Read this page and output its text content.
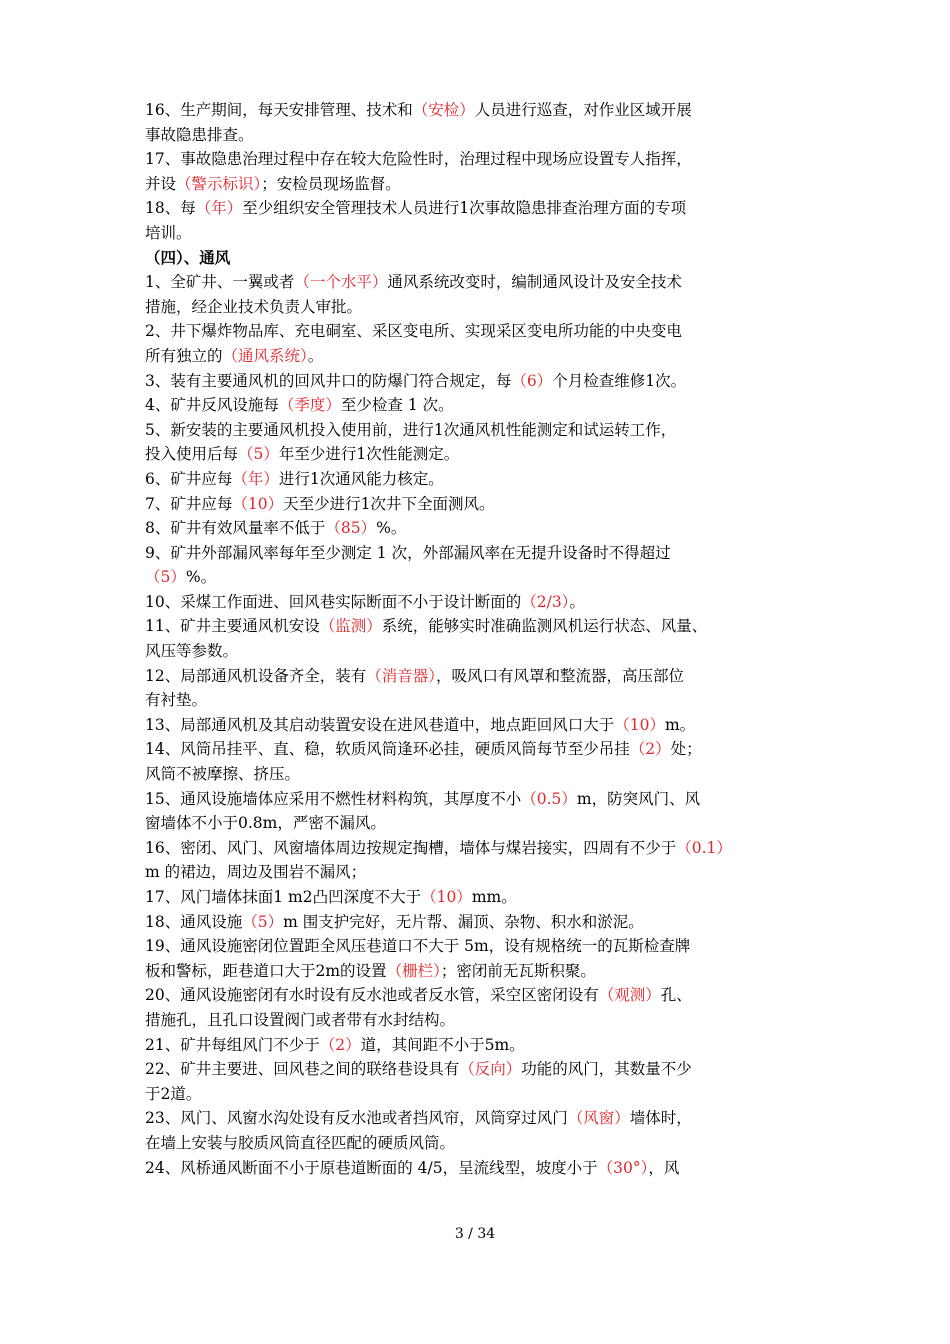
16、生产期间，每天安排管理、技术和（安检）人员进行巡查，对作业区域开展
事故隐患排查。
17、事故隐患治理过程中存在较大危险性时，治理过程中现场应设置专人指挥，
并设（警示标识）；安检员现场监督。
18、每（年）至少组织安全管理技术人员进行1次事故隐患排查治理方面的专项
培训。
（四）、通风
1、全矿井、一翼或者（一个水平）通风系统改变时，编制通风设计及安全技术
措施，经企业技术负责人审批。
2、井下爆炸物品库、充电硐室、采区变电所、实现采区变电所功能的中央变电
所有独立的（通风系统）。
3、装有主要通风机的回风井口的防爆门符合规定，每（6）个月检查维修1次。
4、矿井反风设施每（季度）至少检查 1 次。
5、新安装的主要通风机投入使用前，进行1次通风机性能测定和试运转工作，
投入使用后每（5）年至少进行1次性能测定。
6、矿井应每（年）进行1次通风能力核定。
7、矿井应每（10）天至少进行1次井下全面测风。
8、矿井有效风量率不低于（85）%。
9、矿井外部漏风率每年至少测定 1 次，外部漏风率在无提升设备时不得超过
（5）%。
10、采煤工作面进、回风巷实际断面不小于设计断面的（2/3）。
11、矿井主要通风机安设（监测）系统，能够实时准确监测风机运行状态、风量、
风压等参数。
12、局部通风机设备齐全，装有（消音器），吸风口有风罩和整流器，高压部位
有衬垫。
13、局部通风机及其启动装置安设在进风巷道中，地点距回风口大于（10）m。
14、风筒吊挂平、直、稳，软质风筒逢环必挂，硬质风筒每节至少吊挂（2）处；
风筒不被摩擦、挤压。
15、通风设施墙体应采用不燃性材料构筑，其厚度不小（0.5）m，防突风门、风
窗墙体不小于0.8m，严密不漏风。
16、密闭、风门、风窗墙体周边按规定掏槽，墙体与煤岩接实，四周有不少于（0.1）
m 的裙边，周边及围岩不漏风；
17、风门墙体抹面1 m2凸凹深度不大于（10）mm。
18、通风设施（5）m 围支护完好，无片帮、漏顶、杂物、积水和淤泥。
19、通风设施密闭位置距全风压巷道口不大于 5m，设有规格统一的瓦斯检查牌
板和警标，距巷道口大于2m的设置（栅栏）；密闭前无瓦斯积聚。
20、通风设施密闭有水时设有反水池或者反水管，采空区密闭设有（观测）孔、
措施孔，且孔口设置阀门或者带有水封结构。
21、矿井每组风门不少于（2）道，其间距不小于5m。
22、矿井主要进、回风巷之间的联络巷设具有（反向）功能的风门，其数量不少
于2道。
23、风门、风窗水沟处设有反水池或者挡风帘，风筒穿过风门（风窗）墙体时，
在墙上安装与胶质风筒直径匹配的硬质风筒。
24、风桥通风断面不小于原巷道断面的 4/5，呈流线型，坡度小于（30°），风
3 / 34
